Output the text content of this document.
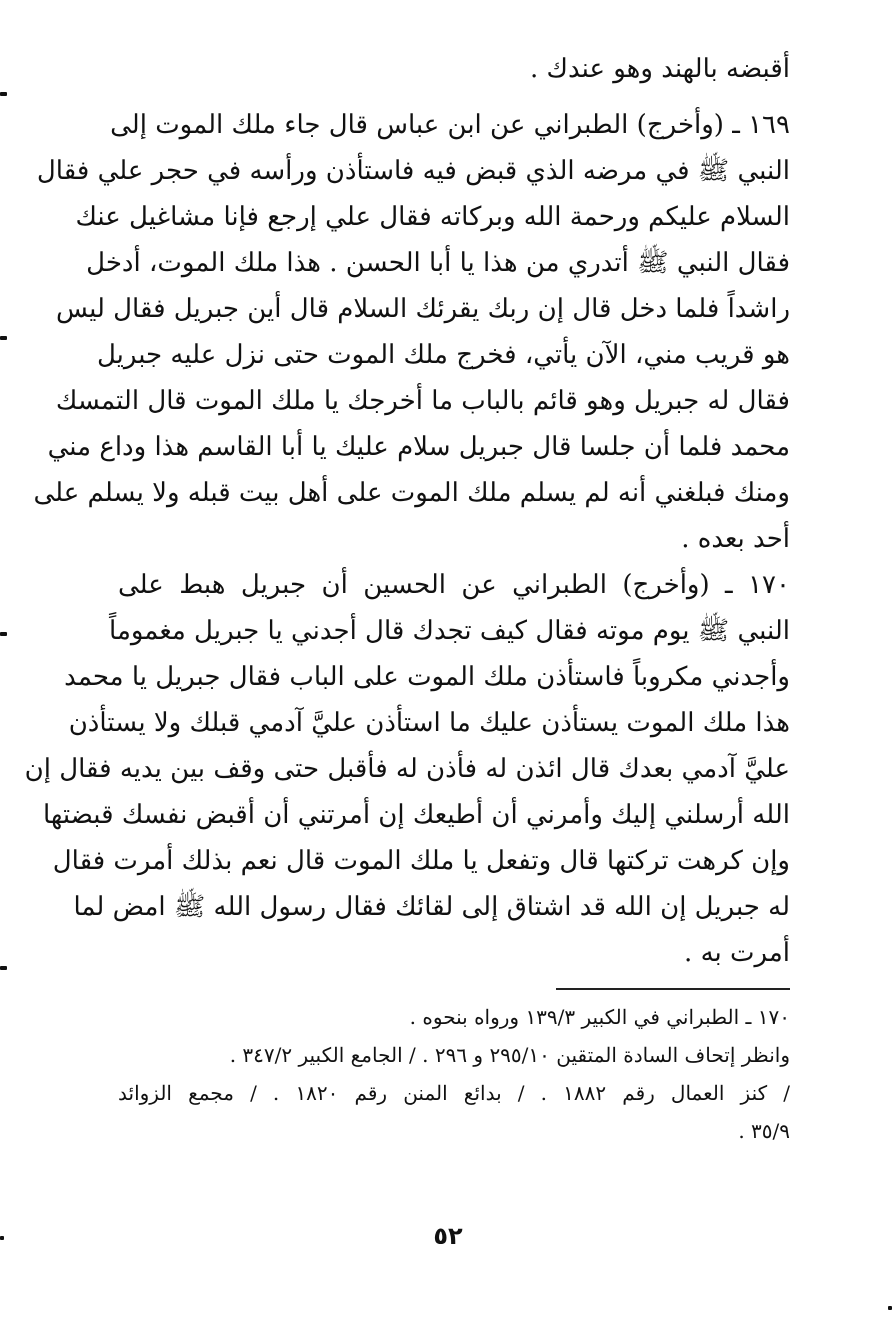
أقبضه بالهند وهو عندك .
١٦٩ ـ (وأخرج) الطبراني عن ابن عباس قال جاء ملك الموت إلى
النبي ﷺ في مرضه الذي قبض فيه فاستأذن ورأسه في حجر علي فقال
السلام عليكم ورحمة الله وبركاته فقال علي إرجع فإنا مشاغيل عنك
فقال النبي ﷺ أتدري من هذا يا أبا الحسن . هذا ملك الموت، أدخل
راشداً فلما دخل قال إن ربك يقرئك السلام قال أين جبريل فقال ليس
هو قريب مني، الآن يأتي، فخرج ملك الموت حتى نزل عليه جبريل
فقال له جبريل وهو قائم بالباب ما أخرجك يا ملك الموت قال التمسك
محمد فلما أن جلسا قال جبريل سلام عليك يا أبا القاسم هذا وداع مني
ومنك فبلغني أنه لم يسلم ملك الموت على أهل بيت قبله ولا يسلم على
أحد بعده .
١٧٠ ـ (وأخرج) الطبراني عن الحسين أن جبريل هبط على
النبي ﷺ يوم موته فقال كيف تجدك قال أجدني يا جبريل مغموماً
وأجدني مكروباً فاستأذن ملك الموت على الباب فقال جبريل يا محمد
هذا ملك الموت يستأذن عليك ما استأذن عليَّ آدمي قبلك ولا يستأذن
عليَّ آدمي بعدك قال ائذن له فأذن له فأقبل حتى وقف بين يديه فقال إن
الله أرسلني إليك وأمرني أن أطيعك إن أمرتني أن أقبض نفسك قبضتها
وإن كرهت تركتها قال وتفعل يا ملك الموت قال نعم بذلك أمرت فقال
له جبريل إن الله قد اشتاق إلى لقائك فقال رسول الله ﷺ امض لما
أمرت به .
١٧٠ ـ الطبراني في الكبير ١٣٩/٣ ورواه بنحوه .
وانظر إتحاف السادة المتقين ٢٩٥/١٠ و ٢٩٦ . / الجامع الكبير ٣٤٧/٢ .
/ كنز العمال رقم ١٨٨٢ . / بدائع المنن رقم ١٨٢٠ . / مجمع الزوائد
٣٥/٩ .
٥٢
